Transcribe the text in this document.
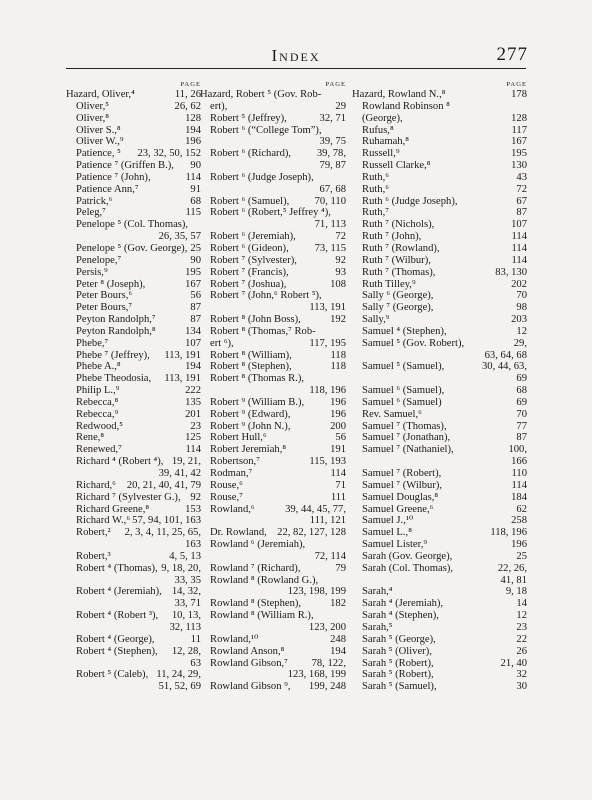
Index	277
PAGE
Hazard, Oliver,⁴	11, 26
Oliver,⁵	26, 62
Oliver,⁸	128
Oliver S.,⁸	194
Oliver W.,⁹	196
Patience, ⁵ 23, 32, 50, 152
Patience ⁷ (Griffen B.), 90
Patience ⁷ (John),	114
Patience Ann,⁷	91
Patrick,⁶	68
Peleg,⁷	115
Penelope ⁵ (Col. Thomas),
26, 35, 57
Penelope ⁵ (Gov. George), 25
Penelope,⁷	90
Persis,⁹	195
Peter ⁸ (Joseph),	167
Peter Bours,⁶	56
Peter Bours,⁷	87
Peyton Randolph,⁷	87
Peyton Randolph,⁸	134
Phebe,⁷	107
Phebe ⁷ (Jeffrey), 113, 191
Phebe A.,⁸	194
Phebe Theodosia, 113, 191
Philip L.,⁹	222
Rebecca,⁸	135
Rebecca,⁹	201
Redwood,⁵	23
Rene,⁸	125
Renewed,⁷	114
Richard ⁴ (Robert ⁴), 19, 21,
39, 41, 42
Richard,⁶ 20, 21, 40, 41, 79
Richard ⁷ (Sylvester G.), 92
Richard Greene,⁸	153
Richard W.,⁶ 57, 94, 101, 163
Robert,² 2, 3, 4, 11, 25, 65,
163
Robert,³	4, 5, 13
Robert ⁴ (Thomas), 9, 18, 20,
33, 35
Robert ⁴ (Jeremiah), 14, 32,
33, 71
Robert ⁴ (Robert ³), 10, 13,
32, 113
Robert ⁴ (George),	11
Robert ⁴ (Stephen), 12, 28,
63
Robert ⁵ (Caleb), 11, 24, 29,
51, 52, 69
PAGE
Hazard, Robert ⁵ (Gov. Rob-
ert),	29
Robert ⁵ (Jeffrey),	32, 71
Robert ⁶ (“College Tom”),
39, 75
Robert ⁶ (Richard), 39, 78,
79, 87
Robert ⁶ (Judge Joseph),
67, 68
Robert ⁶ (Samuel), 70, 110
Robert ⁶ (Robert,⁵ Jeffrey ⁴),
71, 113
Robert ⁶ (Jeremiah),	72
Robert ⁶ (Gideon), 73, 115
Robert ⁷ (Sylvester),	92
Robert ⁷ (Francis),	93
Robert ⁷ (Joshua),	108
Robert ⁷ (John,⁶ Robert ⁵),
113, 191
Robert ⁸ (John Boss),	192
Robert ⁸ (Thomas,⁷ Rob-
ert ⁶),	117, 195
Robert ⁸ (William),	118
Robert ⁸ (Stephen),	118
Robert ⁸ (Thomas R.),
118, 196
Robert ⁹ (William B.), 196
Robert ⁹ (Edward),	196
Robert ⁹ (John N.),	200
Robert Hull,⁶	56
Robert Jeremiah,⁸	191
Robertson,⁷	115, 193
Rodman,⁷	114
Rouse,⁶	71
Rouse,⁷	111
Rowland,⁶	39, 44, 45, 77,
111, 121
Dr. Rowland, 22, 82, 127, 128
Rowland ⁶ (Jeremiah),
72, 114
Rowland ⁷ (Richard),	79
Rowland ⁸ (Rowland G.),
123, 198, 199
Rowland ⁸ (Stephen),	182
Rowland ⁸ (William R.),
123, 200
Rowland,¹⁰	248
Rowland Anson,⁸	194
Rowland Gibson,⁷ 78, 122,
123, 168, 199
Rowland Gibson ⁹, 199, 248
PAGE
Hazard, Rowland N.,⁸	178
Rowland Robinson ⁸
(George),	128
Rufus,⁸	117
Ruhamah,⁸	167
Russell,⁹	195
Russell Clarke,⁸	130
Ruth,⁶	43
Ruth,⁶	72
Ruth ⁶ (Judge Joseph),	67
Ruth,⁷	87
Ruth ⁷ (Nichols),	107
Ruth ⁷ (John),	114
Ruth ⁷ (Rowland),	114
Ruth ⁷ (Wilbur),	114
Ruth ⁷ (Thomas),	83, 130
Ruth Tilley,⁹	202
Sally ⁶ (George),	70
Sally ⁷ (George),	98
Sally,⁹	203
Samuel ⁴ (Stephen),	12
Samuel ⁵ (Gov. Robert),	29,
63, 64, 68
Samuel ⁵ (Samuel),	30, 44, 63,
69
Samuel ⁶ (Samuel),	68
Samuel ⁶ (Samuel)	69
Rev. Samuel,⁶	70
Samuel ⁷ (Thomas),	77
Samuel ⁷ (Jonathan),	87
Samuel ⁷ (Nathaniel),	100,
166
Samuel ⁷ (Robert),	110
Samuel ⁷ (Wilbur),	114
Samuel Douglas,⁸	184
Samuel Greene,⁶	62
Samuel J.,¹⁰	258
Samuel L.,⁸	118, 196
Samuel Lister,⁹	196
Sarah (Gov. George),	25
Sarah (Col. Thomas),	22, 26,
41, 81
Sarah,⁴	9, 18
Sarah ⁴ (Jeremiah),	14
Sarah ⁴ (Stephen),	12
Sarah,⁵	23
Sarah ⁵ (George),	22
Sarah ⁵ (Oliver),	26
Sarah ⁵ (Robert),	21, 40
Sarah ⁵ (Robert),	32
Sarah ⁵ (Samuel),	30
